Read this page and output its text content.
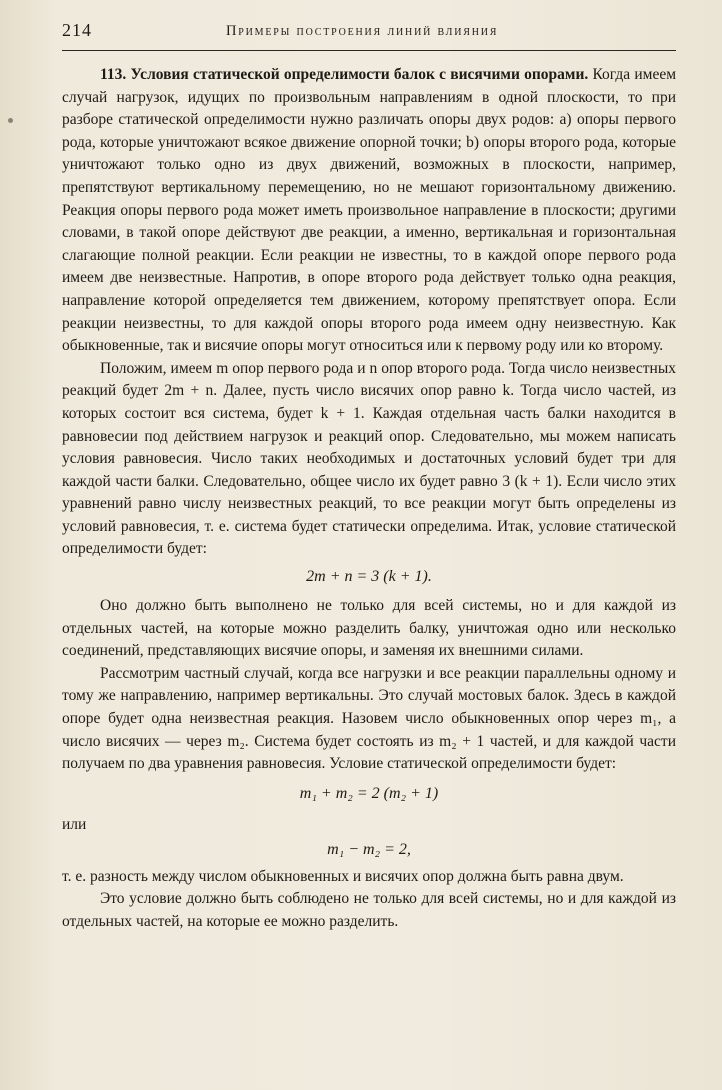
214	Примеры построения линий влияния

113. Условия статической определимости балок с висячими опорами. Когда имеем случай нагрузок, идущих по произвольным направлениям в одной плоскости, то при разборе статической определимости нужно различать опоры двух родов: а) опоры первого рода, которые уничтожают всякое движение опорной точки; b) опоры второго рода, которые уничтожают только одно из двух движений, возможных в плоскости, например, препятствуют вертикальному перемещению, но не мешают горизонтальному движению. Реакция опоры первого рода может иметь произвольное направление в плоскости; другими словами, в такой опоре действуют две реакции, а именно, вертикальная и горизонтальная слагающие полной реакции. Если реакции не известны, то в каждой опоре первого рода имеем две неизвестные. Напротив, в опоре второго рода действует только одна реакция, направление которой определяется тем движением, которому препятствует опора. Если реакции неизвестны, то для каждой опоры второго рода имеем одну неизвестную. Как обыкновенные, так и висячие опоры могут относиться или к первому роду или ко второму.

Положим, имеем m опор первого рода и n опор второго рода. Тогда число неизвестных реакций будет 2m + n. Далее, пусть число висячих опор равно k. Тогда число частей, из которых состоит вся система, будет k + 1. Каждая отдельная часть балки находится в равновесии под действием нагрузок и реакций опор. Следовательно, мы можем написать условия равновесия. Число таких необходимых и достаточных условий будет три для каждой части балки. Следовательно, общее число их будет равно 3 (k + 1). Если число этих уравнений равно числу неизвестных реакций, то все реакции могут быть определены из условий равновесия, т. е. система будет статически определима. Итак, условие статической определимости будет:

2m + n = 3 (k + 1).

Оно должно быть выполнено не только для всей системы, но и для каждой из отдельных частей, на которые можно разделить балку, уничтожая одно или несколько соединений, представляющих висячие опоры, и заменяя их внешними силами.

Рассмотрим частный случай, когда все нагрузки и все реакции параллельны одному и тому же направлению, например вертикальны. Это случай мостовых балок. Здесь в каждой опоре будет одна неизвестная реакция. Назовем число обыкновенных опор через m₁, а число висячих — через m₂. Система будет состоять из m₂ + 1 частей, и для каждой части получаем по два уравнения равновесия. Условие статической определимости будет:

m₁ + m₂ = 2 (m₂ + 1)

или

m₁ − m₂ = 2,

т. е. разность между числом обыкновенных и висячих опор должна быть равна двум.

Это условие должно быть соблюдено не только для всей системы, но и для каждой из отдельных частей, на которые ее можно разделить.
